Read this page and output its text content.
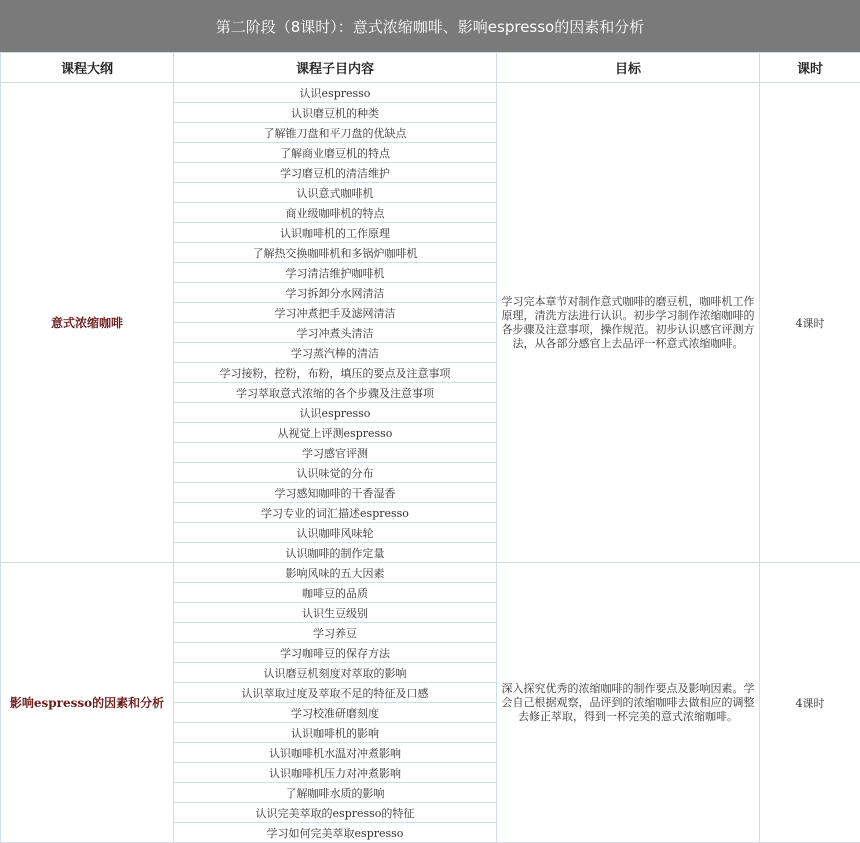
第二阶段（8课时）：意式浓缩咖啡、影响espresso的因素和分析
课程大纲	课程子目内容	目标	课时
意式浓缩咖啡	认识espresso	学习完本章节对制作意式咖啡的磨豆机，咖啡机工作原理，清洗方法进行认识。初步学习制作浓缩咖啡的各步骤及注意事项，操作规范。初步认识感官评测方法，从各部分感官上去品评一杯意式浓缩咖啡。	4课时
	认识磨豆机的种类		
	了解锥刀盘和平刀盘的优缺点		
	了解商业磨豆机的特点		
	学习磨豆机的清洁维护		
	认识意式咖啡机		
	商业级咖啡机的特点		
	认识咖啡机的工作原理		
	了解热交换咖啡机和多锅炉咖啡机		
	学习清洁维护咖啡机		
	学习拆卸分水网清洁		
	学习冲煮把手及滤网清洁		
	学习冲煮头清洁		
	学习蒸汽棒的清洁		
	学习接粉，控粉，布粉，填压的要点及注意事项		
	学习萃取意式浓缩的各个步骤及注意事项		
	认识espresso		
	从视觉上评测espresso		
	学习感官评测		
	认识味觉的分布		
	学习感知咖啡的干香湿香		
	学习专业的词汇描述espresso		
	认识咖啡风味轮		
	认识咖啡的制作定量		
影响espresso的因素和分析	影响风味的五大因素	深入探究优秀的浓缩咖啡的制作要点及影响因素。学会自己根据观察，品评到的浓缩咖啡去做相应的调整去修正萃取，得到一杯完美的意式浓缩咖啡。	4课时
	咖啡豆的品质		
	认识生豆级别		
	学习养豆		
	学习咖啡豆的保存方法		
	认识磨豆机刻度对萃取的影响		
	认识萃取过度及萃取不足的特征及口感		
	学习校准研磨刻度		
	认识咖啡机的影响		
	认识咖啡机水温对冲煮影响		
	认识咖啡机压力对冲煮影响		
	了解咖啡水质的影响		
	认识完美萃取的espresso的特征		
	学习如何完美萃取espresso		
